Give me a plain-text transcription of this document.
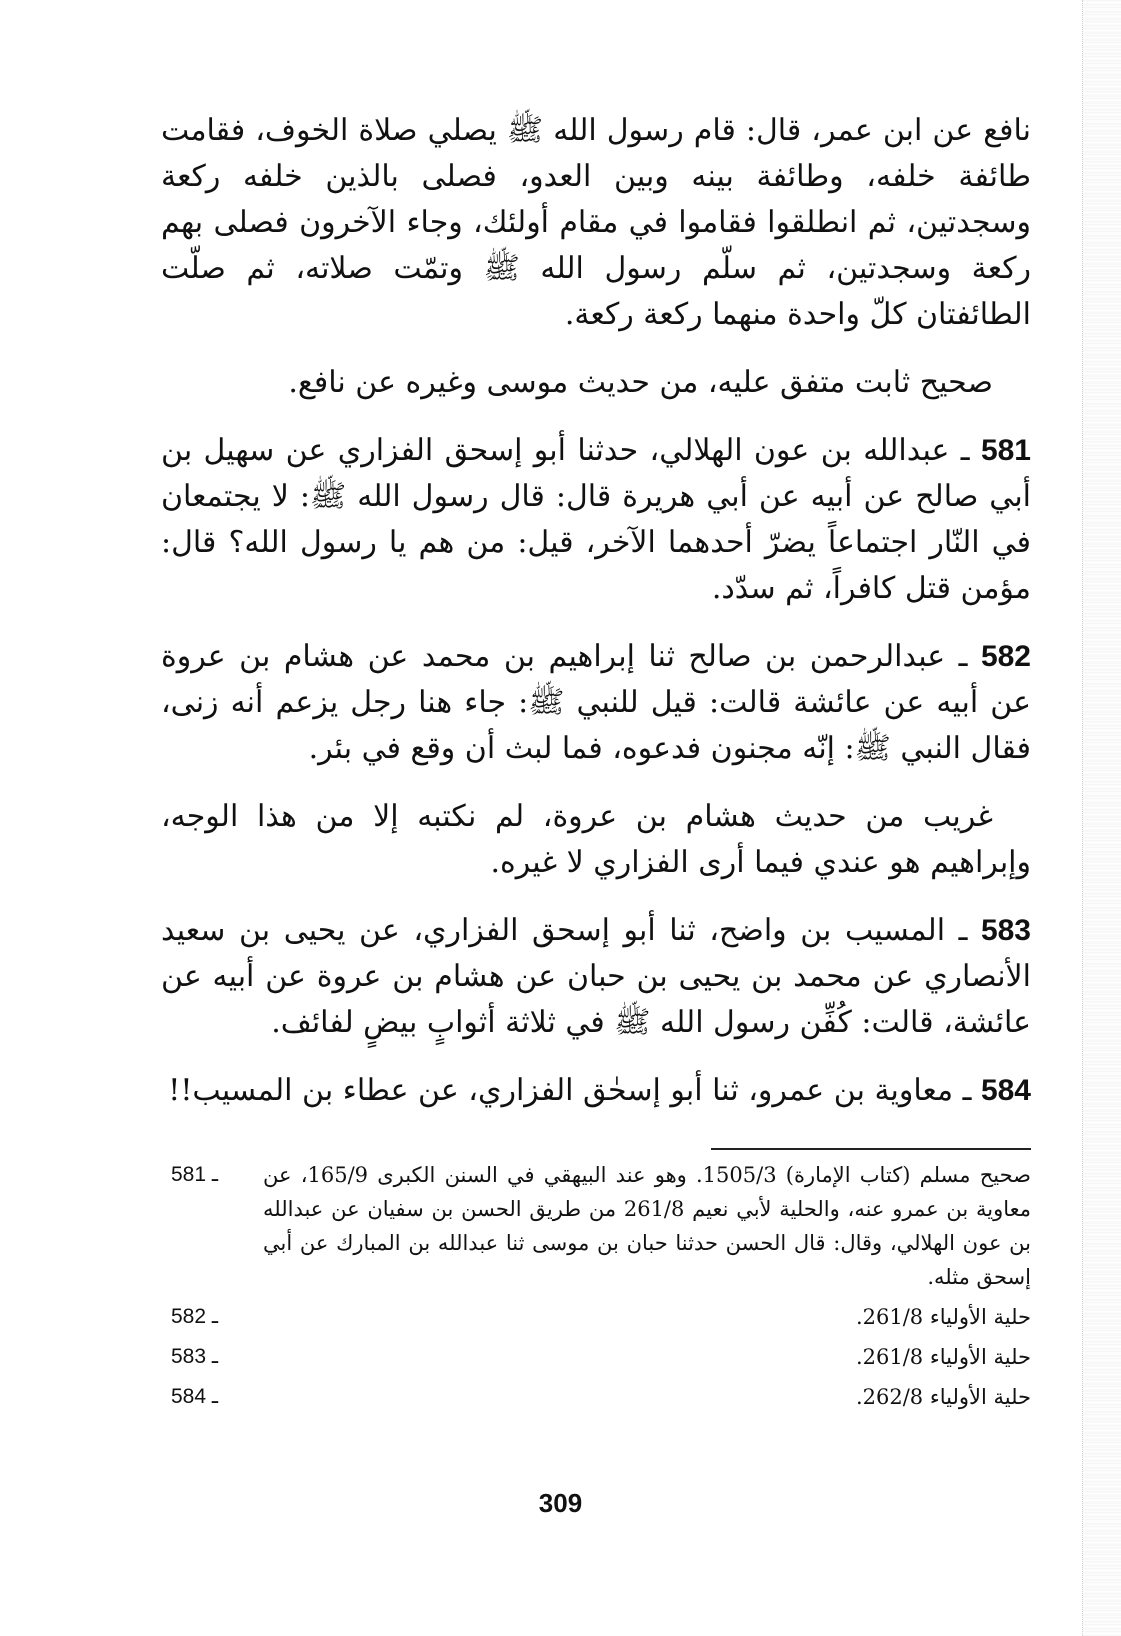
نافع عن ابن عمر، قال: قام رسول الله ﷺ يصلي صلاة الخوف، فقامت طائفة خلفه، وطائفة بينه وبين العدو، فصلى بالذين خلفه ركعة وسجدتين، ثم انطلقوا فقاموا في مقام أولئك، وجاء الآخرون فصلى بهم ركعة وسجدتين، ثم سلّم رسول الله ﷺ وتمّت صلاته، ثم صلّت الطائفتان كلّ واحدة منهما ركعة ركعة.

صحيح ثابت متفق عليه، من حديث موسى وغيره عن نافع.

581 ـ عبدالله بن عون الهلالي، حدثنا أبو إسحق الفزاري عن سهيل بن أبي صالح عن أبيه عن أبي هريرة قال: قال رسول الله ﷺ: لا يجتمعان في النّار اجتماعاً يضرّ أحدهما الآخر، قيل: من هم يا رسول الله؟ قال: مؤمن قتل كافراً، ثم سدّد.

582 ـ عبدالرحمن بن صالح ثنا إبراهيم بن محمد عن هشام بن عروة عن أبيه عن عائشة قالت: قيل للنبي ﷺ: جاء هنا رجل يزعم أنه زنى، فقال النبي ﷺ: إنّه مجنون فدعوه، فما لبث أن وقع في بئر.

غريب من حديث هشام بن عروة، لم نكتبه إلا من هذا الوجه، وإبراهيم هو عندي فيما أرى الفزاري لا غيره.

583 ـ المسيب بن واضح، ثنا أبو إسحق الفزاري، عن يحيى بن سعيد الأنصاري عن محمد بن يحيى بن حبان عن هشام بن عروة عن أبيه عن عائشة، قالت: كُفِّن رسول الله ﷺ في ثلاثة أثوابٍ بيضٍ لفائف.

584 ـ معاوية بن عمرو، ثنا أبو إسحٰق الفزاري، عن عطاء بن المسيب!!

صحيح مسلم (كتاب الإمارة) 1505/3. وهو عند البيهقي في السنن الكبرى 165/9، عن معاوية بن عمرو عنه، والحلية لأبي نعيم 261/8 من طريق الحسن بن سفيان عن عبدالله بن عون الهلالي، وقال: قال الحسن حدثنا حبان بن موسى ثنا عبدالله بن المبارك عن أبي إسحق مثله.
581 ـ
حلية الأولياء 261/8.
582 ـ
حلية الأولياء 261/8.
583 ـ
حلية الأولياء 262/8.
584 ـ
309
